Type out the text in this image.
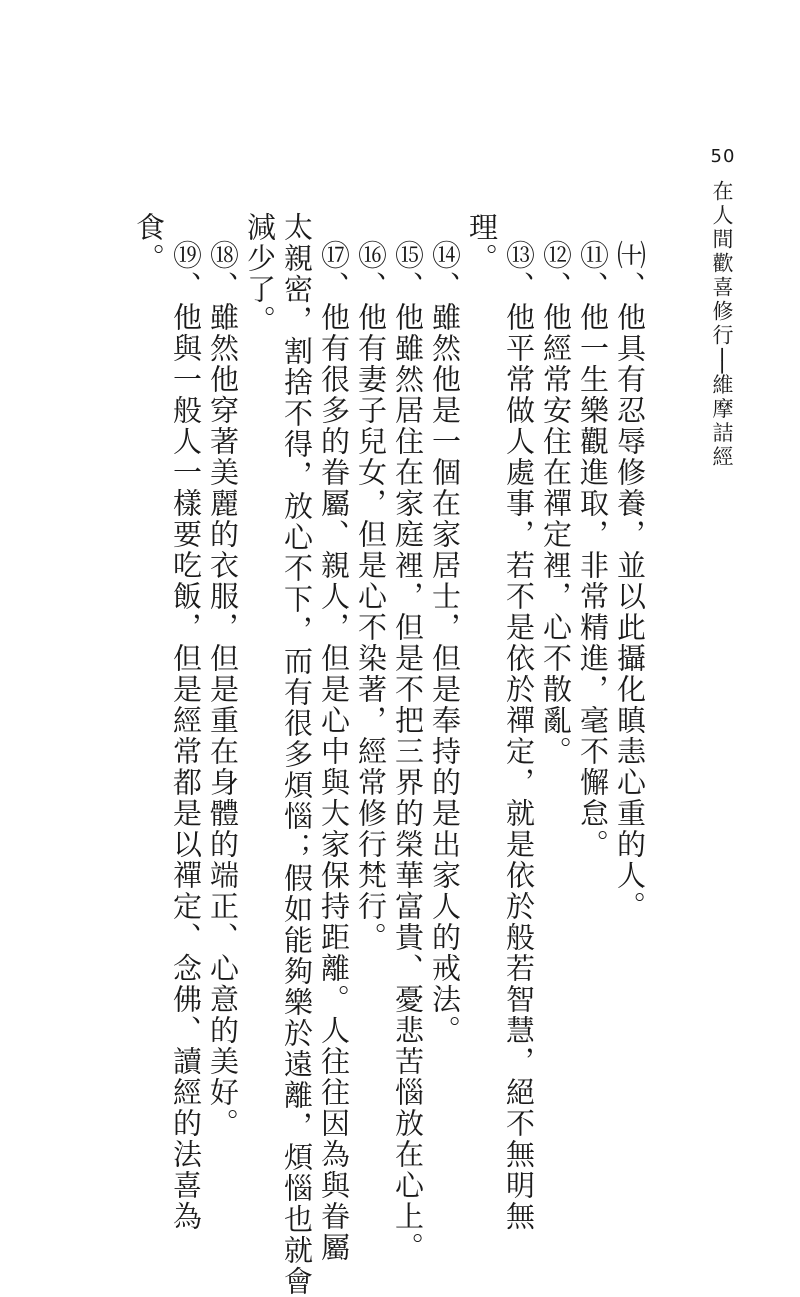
50
在人間歡喜修行──維摩詰經
㈩、他具有忍辱修養，並以此攝化瞋恚心重的人。
⑪、他一生樂觀進取，非常精進，毫不懈怠。
⑫、他經常安住在禪定裡，心不散亂。
⑬、他平常做人處事，若不是依於禪定，就是依於般若智慧，絕不無明無
理。
⑭、雖然他是一個在家居士，但是奉持的是出家人的戒法。
⑮、他雖然居住在家庭裡，但是不把三界的榮華富貴、憂悲苦惱放在心上。
⑯、他有妻子兒女，但是心不染著，經常修行梵行。
⑰、他有很多的眷屬、親人，但是心中與大家保持距離。人往往因為與眷屬
太親密，割捨不得，放心不下，而有很多煩惱；假如能夠樂於遠離，煩惱也就會
減少了。
⑱、雖然他穿著美麗的衣服，但是重在身體的端正、心意的美好。
⑲、他與一般人一樣要吃飯，但是經常都是以禪定、念佛、讀經的法喜為
食。
